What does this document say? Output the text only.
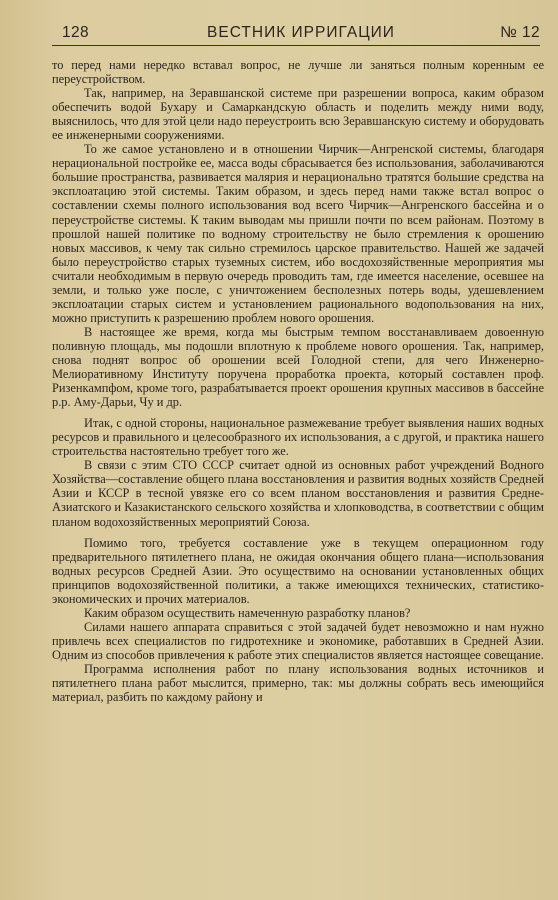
128	ВЕСТНИК ИРРИГАЦИИ	№ 12

то перед нами нередко вставал вопрос, не лучше ли заняться полным коренным ее переустройством.

Так, например, на Зеравшанской системе при разрешении вопроса, каким образом обеспечить водой Бухару и Самаркандскую область и поделить между ними воду, выяснилось, что для этой цели надо переустроить всю Зеравшанскую систему и оборудовать ее инженерными сооружениями.

То же самое установлено и в отношении Чирчик—Ангренской системы, благодаря нерациональной постройке ее, масса воды сбрасывается без использования, заболачиваются большие пространства, развивается малярия и нерационально тратятся большие средства на эксплоатацию этой системы. Таким образом, и здесь перед нами также встал вопрос о составлении схемы полного использования вод всего Чирчик—Ангренского бассейна и о переустройстве системы. К таким выводам мы пришли почти по всем районам. Поэтому в прошлой нашей политике по водному строительству не было стремления к орошению новых массивов, к чему так сильно стремилось царское правительство. Нашей же задачей было переустройство старых туземных систем, ибо восдохозяйственные мероприятия мы считали необходимым в первую очередь проводить там, где имеется население, осевшее на земли, и только уже после, с уничтожением бесполезных потерь воды, удешевлением эксплоатации старых систем и установлением рационального водопользования на них, можно приступить к разрешению проблем нового орошения.

В настоящее же время, когда мы быстрым темпом восстанавливаем довоенную поливную площадь, мы подошли вплотную к проблеме нового орошения. Так, например, снова поднят вопрос об орошении всей Голодной степи, для чего Инженерно-Мелиоративному Институту поручена проработка проекта, который составлен проф. Ризенкампфом, кроме того, разрабатывается проект орошения крупных массивов в бассейне р.р. Аму-Дарьи, Чу и др.

Итак, с одной стороны, национальное размежевание требует выявления наших водных ресурсов и правильного и целесообразного их использования, а с другой, и практика нашего строительства настоятельно требует того же.

В связи с этим СТО СССР считает одной из основных работ учреждений Водного Хозяйства—составление общего плана восстановления и развития водных хозяйств Средней Азии и КССР в тесной увязке его со всем планом восстановления и развития Средне-Азиатского и Казакистанского сельского хозяйства и хлопководства, в соответствии с общим планом водохозяйственных мероприятий Союза.

Помимо того, требуется составление уже в текущем операционном году предварительного пятилетнего плана, не ожидая окончания общего плана—использования водных ресурсов Средней Азии. Это осуществимо на основании установленных общих принципов водохозяйственной политики, а также имеющихся технических, статистико-экономических и прочих материалов.

Каким образом осуществить намеченную разработку планов?

Силами нашего аппарата справиться с этой задачей будет невозможно и нам нужно привлечь всех специалистов по гидротехнике и экономике, работавших в Средней Азии. Одним из способов привлечения к работе этих специалистов является настоящее совещание.

Программа исполнения работ по плану использования водных источников и пятилетнего плана работ мыслится, примерно, так: мы должны собрать весь имеющийся материал, разбить по каждому району и
